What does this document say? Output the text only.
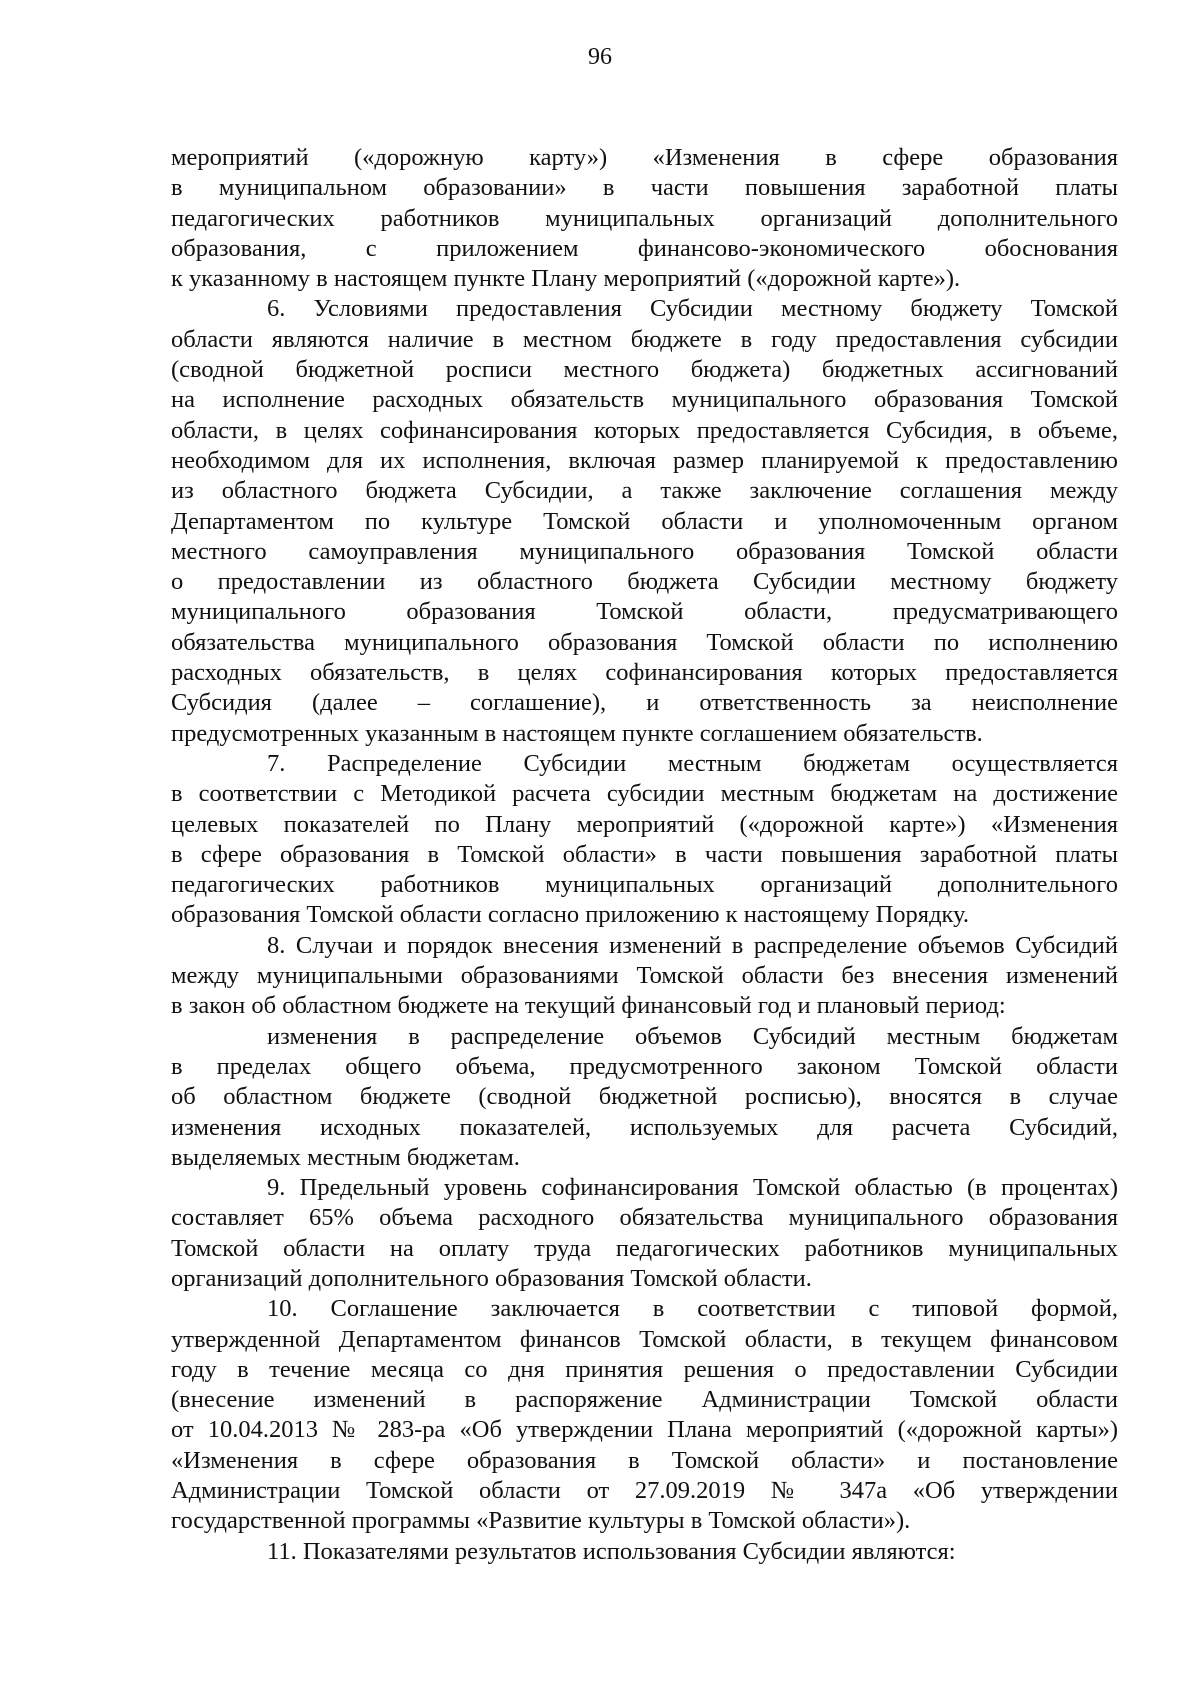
96
мероприятий («дорожную карту») «Изменения в сфере образования
в муниципальном образовании» в части повышения заработной платы
педагогических работников муниципальных организаций дополнительного
образования, с приложением финансово-экономического обоснования
к указанному в настоящем пункте Плану мероприятий («дорожной карте»).
6. Условиями предоставления Субсидии местному бюджету Томской
области являются наличие в местном бюджете в году предоставления субсидии
(сводной бюджетной росписи местного бюджета) бюджетных ассигнований
на исполнение расходных обязательств муниципального образования Томской
области, в целях софинансирования которых предоставляется Субсидия, в объеме,
необходимом для их исполнения, включая размер планируемой к предоставлению
из областного бюджета Субсидии, а также заключение соглашения между
Департаментом по культуре Томской области и уполномоченным органом
местного самоуправления муниципального образования Томской области
о предоставлении из областного бюджета Субсидии местному бюджету
муниципального образования Томской области, предусматривающего
обязательства муниципального образования Томской области по исполнению
расходных обязательств, в целях софинансирования которых предоставляется
Субсидия (далее – соглашение), и ответственность за неисполнение
предусмотренных указанным в настоящем пункте соглашением обязательств.
7. Распределение Субсидии местным бюджетам осуществляется
в соответствии с Методикой расчета субсидии местным бюджетам на достижение
целевых показателей по Плану мероприятий («дорожной карте») «Изменения
в сфере образования в Томской области» в части повышения заработной платы
педагогических работников муниципальных организаций дополнительного
образования Томской области согласно приложению к настоящему Порядку.
8. Случаи и порядок внесения изменений в распределение объемов Субсидий
между муниципальными образованиями Томской области без внесения изменений
в закон об областном бюджете на текущий финансовый год и плановый период:
изменения в распределение объемов Субсидий местным бюджетам
в пределах общего объема, предусмотренного законом Томской области
об областном бюджете (сводной бюджетной росписью), вносятся в случае
изменения исходных показателей, используемых для расчета Субсидий,
выделяемых местным бюджетам.
9. Предельный уровень софинансирования Томской областью (в процентах)
составляет 65% объема расходного обязательства муниципального образования
Томской области на оплату труда педагогических работников муниципальных
организаций дополнительного образования Томской области.
10. Соглашение заключается в соответствии с типовой формой,
утвержденной Департаментом финансов Томской области, в текущем финансовом
году в течение месяца со дня принятия решения о предоставлении Субсидии
(внесение изменений в распоряжение Администрации Томской области
от 10.04.2013 № 283-ра «Об утверждении Плана мероприятий («дорожной карты»)
«Изменения в сфере образования в Томской области» и постановление
Администрации Томской области от 27.09.2019 № 347а «Об утверждении
государственной программы «Развитие культуры в Томской области»).
11. Показателями результатов использования Субсидии являются:
